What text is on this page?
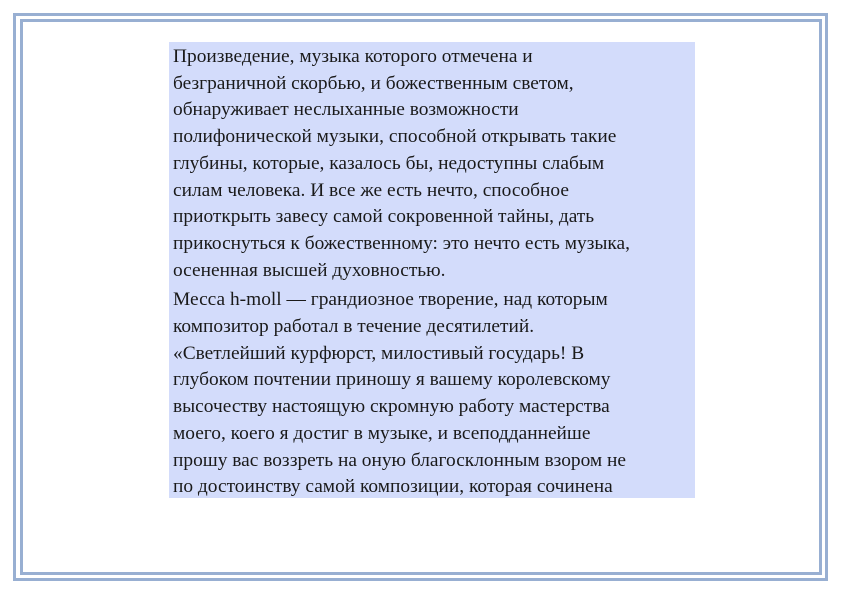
Произведение, музыка которого отмечена и
безграничной скорбью, и божественным светом,
обнаруживает неслыханные возможности
полифонической музыки, способной открывать такие
глубины, которые, казалось бы, недоступны слабым
силам человека. И все же есть нечто, способное
приоткрыть завесу самой сокровенной тайны, дать
прикоснуться к божественному: это нечто есть музыка,
осененная высшей духовностью.

Месса h-moll — грандиозное творение, над которым
композитор работал в течение десятилетий.
«Светлейший курфюрст, милостивый государь! В
глубоком почтении приношу я вашему королевскому
высочеству настоящую скромную работу мастерства
моего, коего я достиг в музыке, и всеподданнейше
прошу вас воззреть на оную благосклонным взором не
по достоинству самой композиции, которая сочинена
